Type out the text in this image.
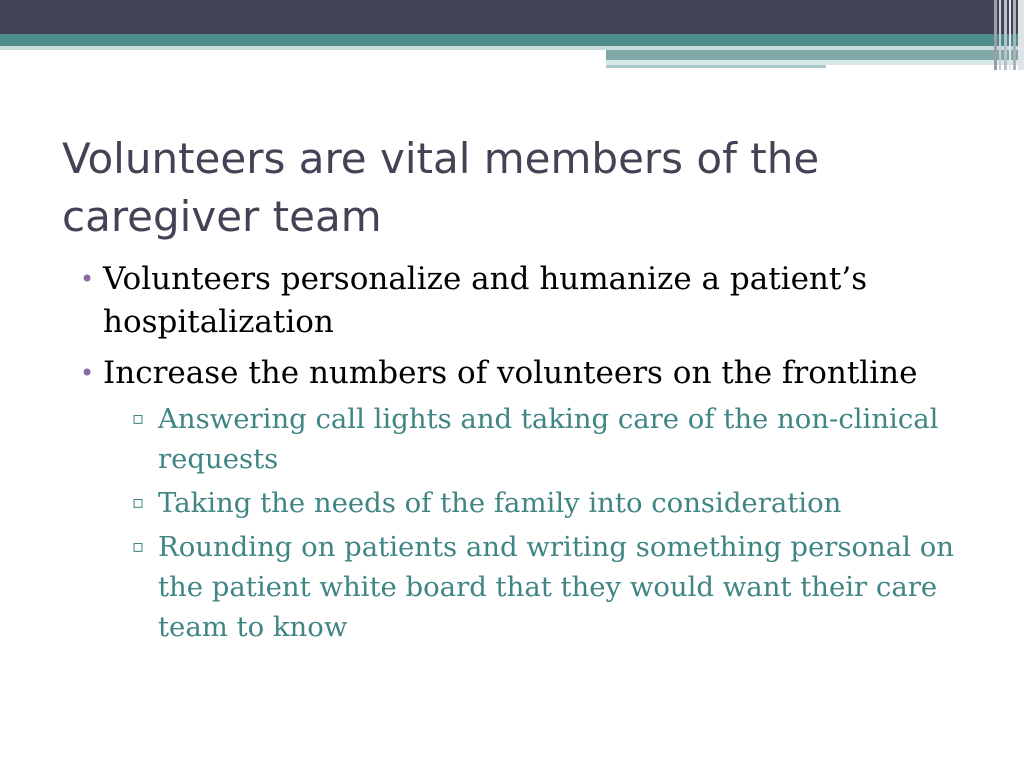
Volunteers are vital members of the caregiver team
• Volunteers personalize and humanize a patient’s hospitalization
• Increase the numbers of volunteers on the frontline
▫ Answering call lights and taking care of the non-clinical requests
▫ Taking the needs of the family into consideration
▫ Rounding on patients and writing something personal on the patient white board that they would want their care team to know
